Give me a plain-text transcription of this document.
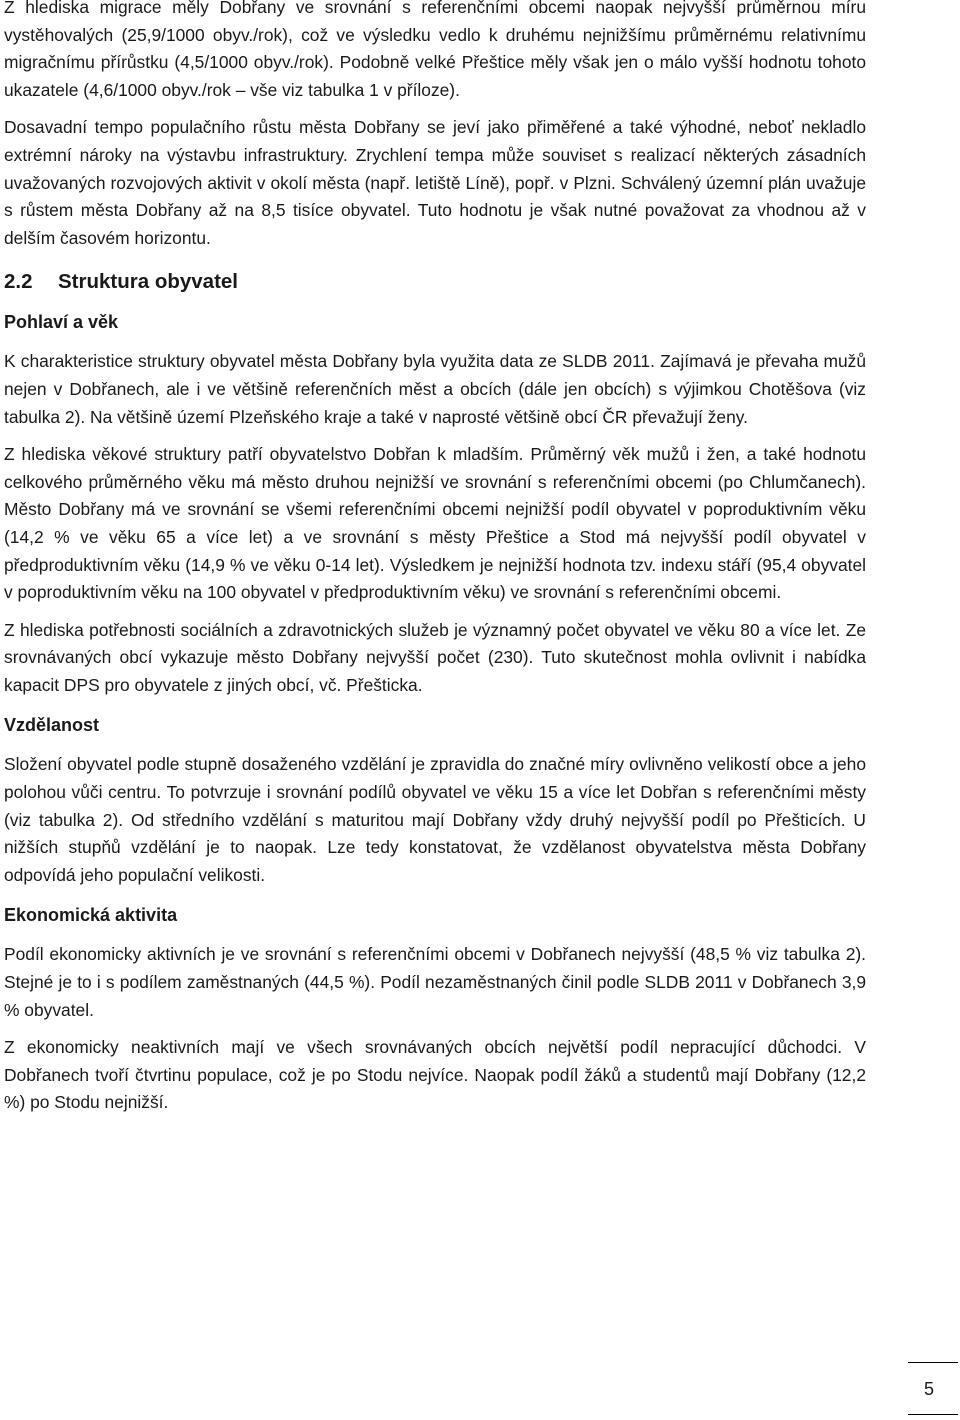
Z hlediska migrace měly Dobřany ve srovnání s referenčními obcemi naopak nejvyšší průměrnou míru vystěhovalých (25,9/1000 obyv./rok), což ve výsledku vedlo k druhému nejnižšímu průměrnému relativnímu migračnímu přírůstku (4,5/1000 obyv./rok). Podobně velké Přeštice měly však jen o málo vyšší hodnotu tohoto ukazatele (4,6/1000 obyv./rok – vše viz tabulka 1 v příloze).

Dosavadní tempo populačního růstu města Dobřany se jeví jako přiměřené a také výhodné, neboť nekladlo extrémní nároky na výstavbu infrastruktury. Zrychlení tempa může souviset s realizací některých zásadních uvažovaných rozvojových aktivit v okolí města (např. letiště Líně), popř. v Plzni. Schválený územní plán uvažuje s růstem města Dobřany až na 8,5 tisíce obyvatel. Tuto hodnotu je však nutné považovat za vhodnou až v delším časovém horizontu.

2.2 Struktura obyvatel
Pohlaví a věk

K charakteristice struktury obyvatel města Dobřany byla využita data ze SLDB 2011. Zajímavá je převaha mužů nejen v Dobřanech, ale i ve většině referenčních měst a obcích (dále jen obcích) s výjimkou Chotěšova (viz tabulka 2). Na většině území Plzeňského kraje a také v naprosté většině obcí ČR převažují ženy.

Z hlediska věkové struktury patří obyvatelstvo Dobřan k mladším. Průměrný věk mužů i žen, a také hodnotu celkového průměrného věku má město druhou nejnižší ve srovnání s referenčními obcemi (po Chlumčanech). Město Dobřany má ve srovnání se všemi referenčními obcemi nejnižší podíl obyvatel v poproduktivním věku (14,2 % ve věku 65 a více let) a ve srovnání s městy Přeštice a Stod má nejvyšší podíl obyvatel v předproduktivním věku (14,9 % ve věku 0-14 let). Výsledkem je nejnižší hodnota tzv. indexu stáří (95,4 obyvatel v poproduktivním věku na 100 obyvatel v předproduktivním věku) ve srovnání s referenčními obcemi.

Z hlediska potřebnosti sociálních a zdravotnických služeb je významný počet obyvatel ve věku 80 a více let. Ze srovnávaných obcí vykazuje město Dobřany nejvyšší počet (230). Tuto skutečnost mohla ovlivnit i nabídka kapacit DPS pro obyvatele z jiných obcí, vč. Přešticka.

Vzdělanost

Složení obyvatel podle stupně dosaženého vzdělání je zpravidla do značné míry ovlivněno velikostí obce a jeho polohou vůči centru. To potvrzuje i srovnání podílů obyvatel ve věku 15 a více let Dobřan s referenčními městy (viz tabulka 2). Od středního vzdělání s maturitou mají Dobřany vždy druhý nejvyšší podíl po Přešticích. U nižších stupňů vzdělání je to naopak. Lze tedy konstatovat, že vzdělanost obyvatelstva města Dobřany odpovídá jeho populační velikosti.

Ekonomická aktivita

Podíl ekonomicky aktivních je ve srovnání s referenčními obcemi v Dobřanech nejvyšší (48,5 % viz tabulka 2). Stejné je to i s podílem zaměstnaných (44,5 %). Podíl nezaměstnaných činil podle SLDB 2011 v Dobřanech 3,9 % obyvatel.

Z ekonomicky neaktivních mají ve všech srovnávaných obcích největší podíl nepracující důchodci. V Dobřanech tvoří čtvrtinu populace, což je po Stodu nejvíce. Naopak podíl žáků a studentů mají Dobřany (12,2 %) po Stodu nejnižší.

5
